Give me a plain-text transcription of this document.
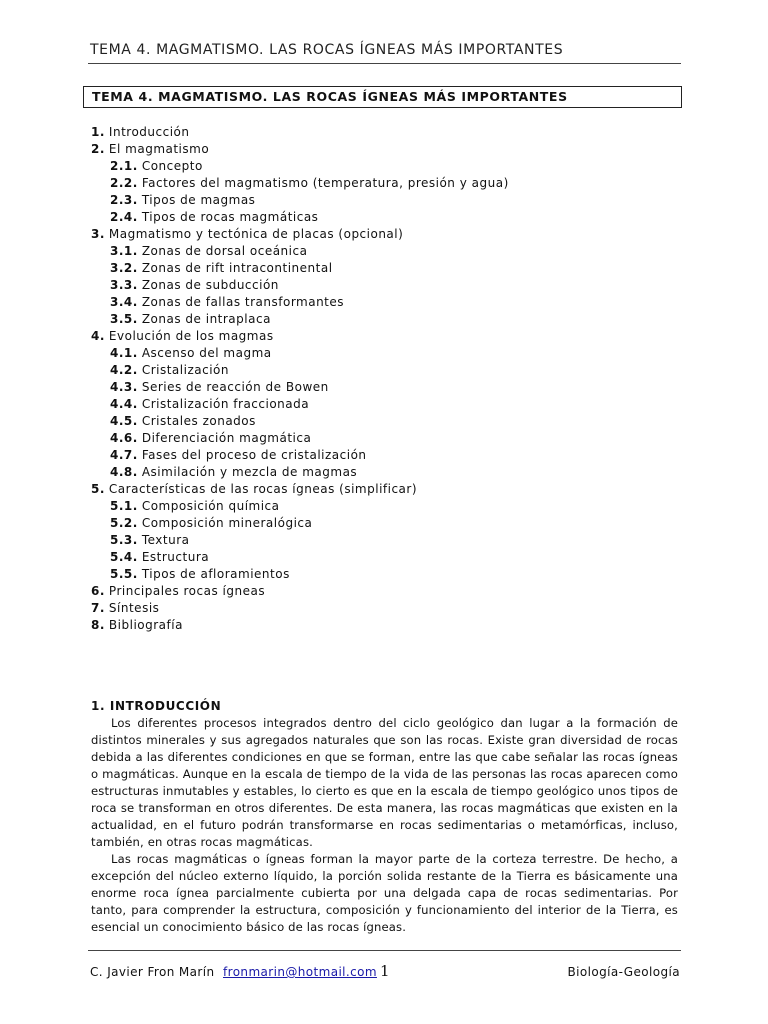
TEMA 4. MAGMATISMO. LAS ROCAS ÍGNEAS MÁS IMPORTANTES
TEMA 4. MAGMATISMO. LAS ROCAS ÍGNEAS MÁS IMPORTANTES
1. Introducción
2. El magmatismo
2.1. Concepto
2.2. Factores del magmatismo (temperatura, presión y agua)
2.3. Tipos de magmas
2.4. Tipos de rocas magmáticas
3. Magmatismo y tectónica de placas (opcional)
3.1. Zonas de dorsal oceánica
3.2. Zonas de rift intracontinental
3.3. Zonas de subducción
3.4. Zonas de fallas transformantes
3.5. Zonas de intraplaca
4. Evolución de los magmas
4.1. Ascenso del magma
4.2. Cristalización
4.3. Series de reacción de Bowen
4.4. Cristalización fraccionada
4.5. Cristales zonados
4.6. Diferenciación magmática
4.7. Fases del proceso de cristalización
4.8. Asimilación y mezcla de magmas
5. Características de las rocas ígneas (simplificar)
5.1. Composición química
5.2. Composición mineralógica
5.3. Textura
5.4. Estructura
5.5. Tipos de afloramientos
6. Principales rocas ígneas
7. Síntesis
8. Bibliografía
1. INTRODUCCIÓN

Los diferentes procesos integrados dentro del ciclo geológico dan lugar a la formación de distintos minerales y sus agregados naturales que son las rocas. Existe gran diversidad de rocas debida a las diferentes condiciones en que se forman, entre las que cabe señalar las rocas ígneas o magmáticas. Aunque en la escala de tiempo de la vida de las personas las rocas aparecen como estructuras inmutables y estables, lo cierto es que en la escala de tiempo geológico unos tipos de roca se transforman en otros diferentes. De esta manera, las rocas magmáticas que existen en la actualidad, en el futuro podrán transformarse en rocas sedimentarias o metamórficas, incluso, también, en otras rocas magmáticas.

Las rocas magmáticas o ígneas forman la mayor parte de la corteza terrestre. De hecho, a excepción del núcleo externo líquido, la porción solida restante de la Tierra es básicamente una enorme roca ígnea parcialmente cubierta por una delgada capa de rocas sedimentarias. Por tanto, para comprender la estructura, composición y funcionamiento del interior de la Tierra, es esencial un conocimiento básico de las rocas ígneas.

C. Javier Fron Marín fronmarin@hotmail.com 1	Biología-Geología
